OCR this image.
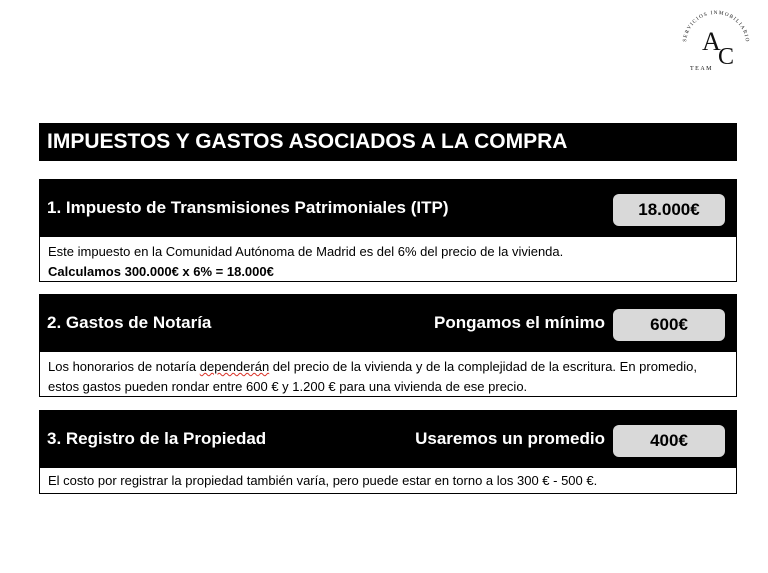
SERVICIOS INMOBILIARIO
A
C
TEAM
IMPUESTOS Y GASTOS ASOCIADOS A LA COMPRA
1. Impuesto de Transmisiones Patrimoniales (ITP)	18.000€
Este impuesto en la Comunidad Autónoma de Madrid es del 6% del precio de la vivienda.
Calculamos 300.000€ x 6% = 18.000€
2. Gastos de Notaría	Pongamos el mínimo	600€
Los honorarios de notaría dependerán del precio de la vivienda y de la complejidad de la escritura. En promedio, estos gastos pueden rondar entre 600 € y 1.200 € para una vivienda de ese precio.
3. Registro de la Propiedad	Usaremos un promedio	400€
El costo por registrar la propiedad también varía, pero puede estar en torno a los 300 € - 500 €.
